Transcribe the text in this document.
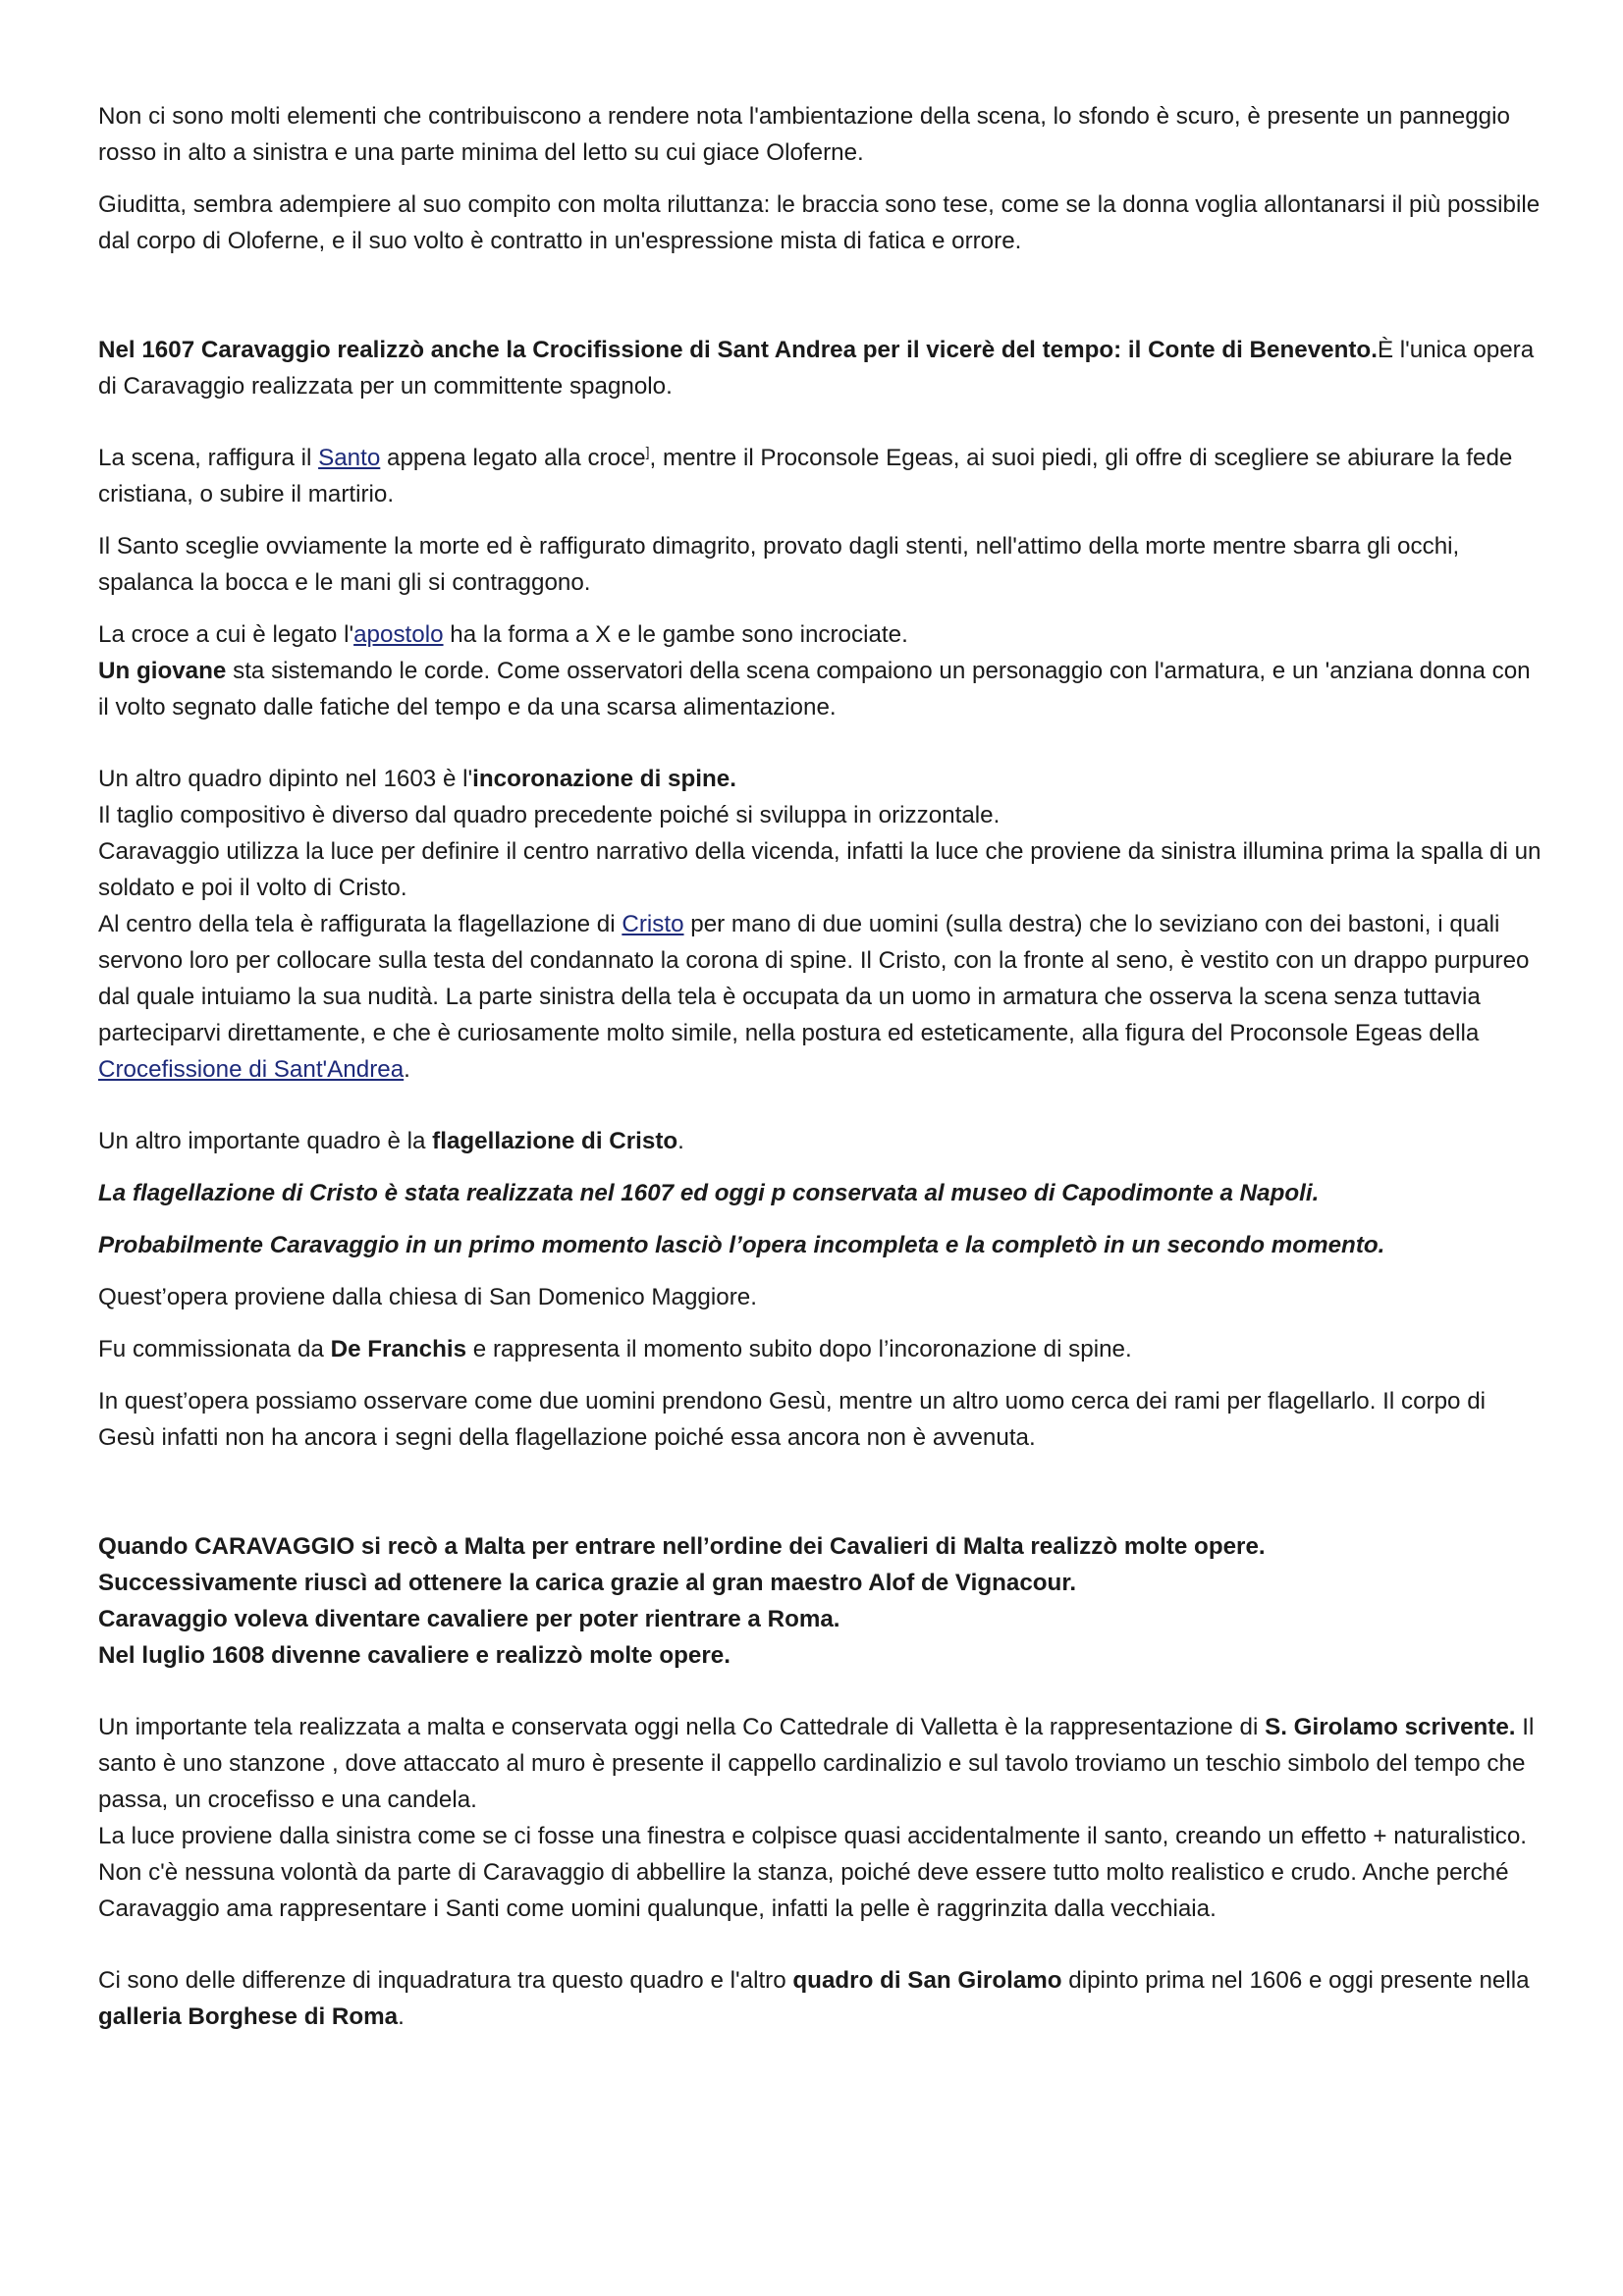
Non ci sono molti elementi che contribuiscono a rendere nota l'ambientazione della scena, lo sfondo è scuro, è presente un panneggio rosso in alto a sinistra e una parte minima del letto su cui giace Oloferne.

Giuditta, sembra adempiere al suo compito con molta riluttanza: le braccia sono tese, come se la donna voglia allontanarsi il più possibile dal corpo di Oloferne, e il suo volto è contratto in un'espressione mista di fatica e orrore.

Nel 1607 Caravaggio realizzò anche la Crocifissione di Sant Andrea per il vicerè del tempo: il Conte di Benevento.È l'unica opera di Caravaggio realizzata per un committente spagnolo.

La scena, raffigura il Santo appena legato alla croce], mentre il Proconsole Egeas, ai suoi piedi, gli offre di scegliere se abiurare la fede cristiana, o subire il martirio.

Il Santo sceglie ovviamente la morte ed è raffigurato dimagrito, provato dagli stenti, nell'attimo della morte mentre sbarra gli occhi, spalanca la bocca e le mani gli si contraggono.

La croce a cui è legato l'apostolo ha la forma a X e le gambe sono incrociate.

Un giovane sta sistemando le corde. Come osservatori della scena compaiono un personaggio con l'armatura, e un 'anziana donna con il volto segnato dalle fatiche del tempo e da una scarsa alimentazione.

Un altro quadro dipinto nel 1603 è l'incoronazione di spine.

Il taglio compositivo è diverso dal quadro precedente poiché si sviluppa in orizzontale.

Caravaggio utilizza la luce per definire il centro narrativo della vicenda, infatti la luce che proviene da sinistra illumina prima la spalla di un soldato e poi il volto di Cristo.

Al centro della tela è raffigurata la flagellazione di Cristo per mano di due uomini (sulla destra) che lo seviziano con dei bastoni, i quali servono loro per collocare sulla testa del condannato la corona di spine. Il Cristo, con la fronte al seno, è vestito con un drappo purpureo dal quale intuiamo la sua nudità. La parte sinistra della tela è occupata da un uomo in armatura che osserva la scena senza tuttavia parteciparvi direttamente, e che è curiosamente molto simile, nella postura ed esteticamente, alla figura del Proconsole Egeas della Crocefissione di Sant'Andrea.

Un altro importante quadro è la flagellazione di Cristo.

La flagellazione di Cristo è stata realizzata nel 1607 ed oggi p conservata al museo di Capodimonte a Napoli.

Probabilmente Caravaggio in un primo momento lasciò l’opera incompleta e la completò in un secondo momento.

Quest’opera proviene dalla chiesa di San Domenico Maggiore.

Fu commissionata da De Franchis e rappresenta il momento subito dopo l’incoronazione di spine.

In quest’opera possiamo osservare come due uomini prendono Gesù, mentre un altro uomo cerca dei rami per flagellarlo. Il corpo di Gesù infatti non ha ancora i segni della flagellazione poiché essa ancora non è avvenuta.

Quando CARAVAGGIO si recò a Malta per entrare nell’ordine dei Cavalieri di Malta realizzò molte opere.

Successivamente riuscì ad ottenere la carica grazie al gran maestro Alof de Vignacour.

Caravaggio voleva diventare cavaliere per poter rientrare a Roma.

Nel luglio 1608 divenne cavaliere e realizzò molte opere.

Un importante tela realizzata a malta e conservata oggi nella Co Cattedrale di Valletta è la rappresentazione di S. Girolamo scrivente. Il santo è uno stanzone , dove attaccato al muro è presente il cappello cardinalizio e sul tavolo troviamo un teschio simbolo del tempo che passa, un crocefisso e una candela.

La luce proviene dalla sinistra come se ci fosse una finestra e colpisce quasi accidentalmente il santo, creando un effetto + naturalistico. Non c'è nessuna volontà da parte di Caravaggio di abbellire la stanza, poiché deve essere tutto molto realistico e crudo. Anche perché Caravaggio ama rappresentare i Santi come uomini qualunque, infatti la pelle è raggrinzita dalla vecchiaia.

Ci sono delle differenze di inquadratura tra questo quadro e l'altro quadro di San Girolamo dipinto prima nel 1606 e oggi presente nella galleria Borghese di Roma.
